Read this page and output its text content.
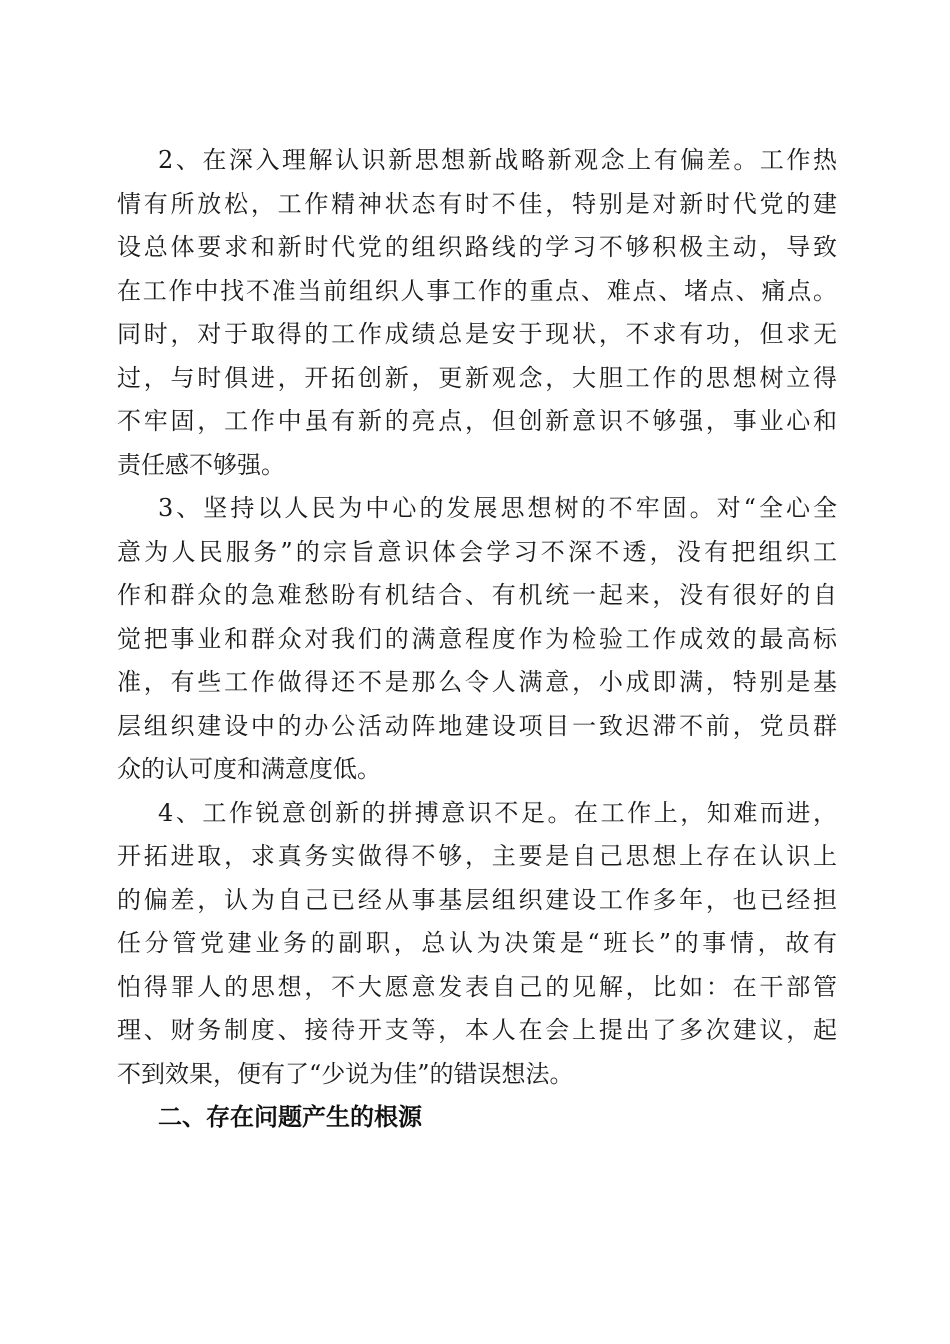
2、在深入理解认识新思想新战略新观念上有偏差。工作热
情有所放松，工作精神状态有时不佳，特别是对新时代党的建
设总体要求和新时代党的组织路线的学习不够积极主动，导致
在工作中找不准当前组织人事工作的重点、难点、堵点、痛点。
同时，对于取得的工作成绩总是安于现状，不求有功，但求无
过，与时俱进，开拓创新，更新观念，大胆工作的思想树立得
不牢固，工作中虽有新的亮点，但创新意识不够强，事业心和
责任感不够强。
3、坚持以人民为中心的发展思想树的不牢固。对“全心全
意为人民服务”的宗旨意识体会学习不深不透，没有把组织工
作和群众的急难愁盼有机结合、有机统一起来，没有很好的自
觉把事业和群众对我们的满意程度作为检验工作成效的最高标
准，有些工作做得还不是那么令人满意，小成即满，特别是基
层组织建设中的办公活动阵地建设项目一致迟滞不前，党员群
众的认可度和满意度低。
4、工作锐意创新的拼搏意识不足。在工作上，知难而进，
开拓进取，求真务实做得不够，主要是自己思想上存在认识上
的偏差，认为自己已经从事基层组织建设工作多年，也已经担
任分管党建业务的副职，总认为决策是“班长”的事情，故有
怕得罪人的思想，不大愿意发表自己的见解，比如：在干部管
理、财务制度、接待开支等，本人在会上提出了多次建议，起
不到效果，便有了“少说为佳”的错误想法。
二、存在问题产生的根源
